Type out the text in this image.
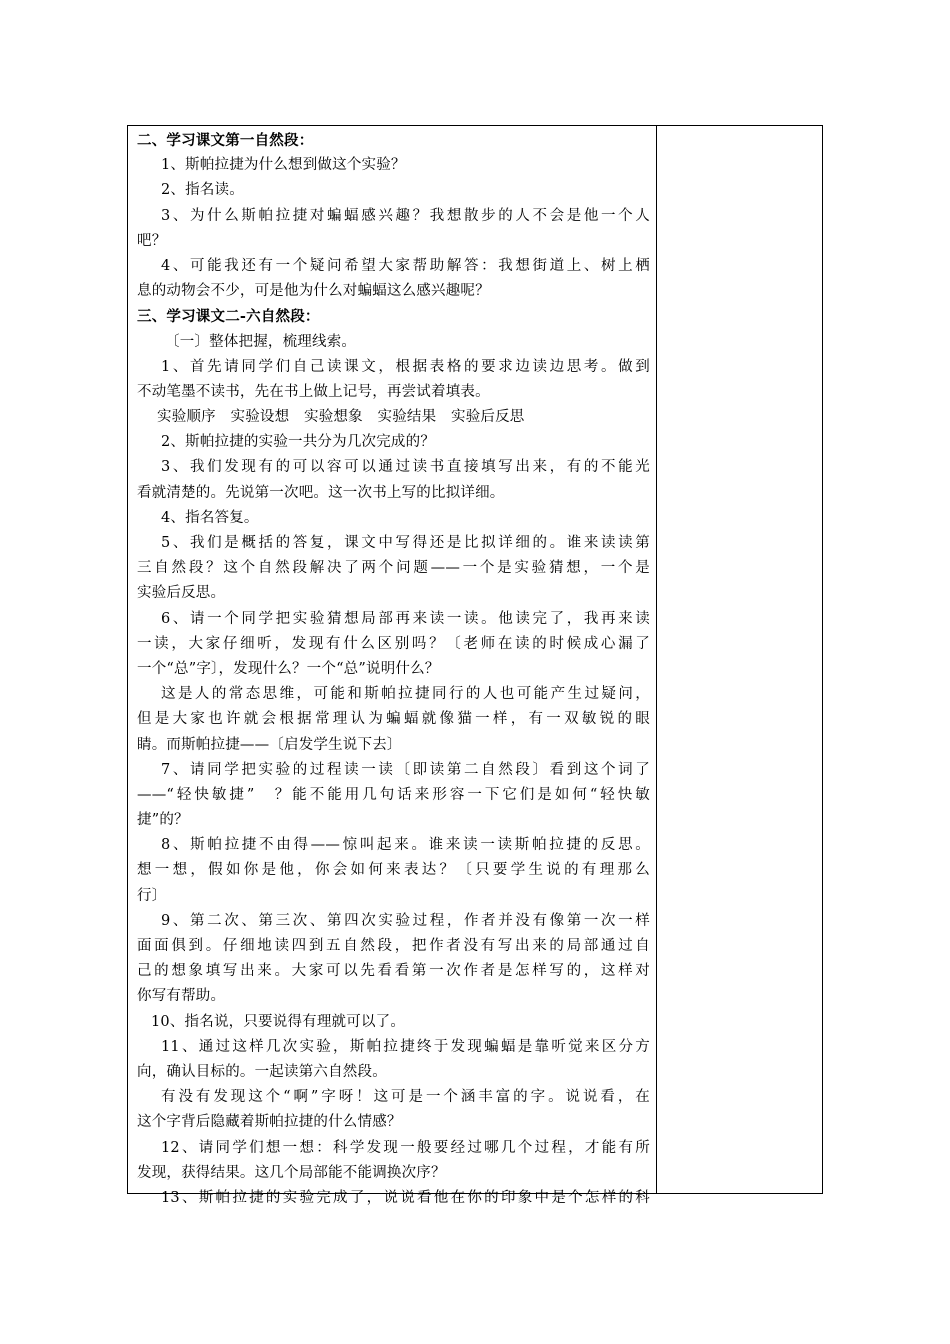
二、学习课文第一自然段：
1、斯帕拉捷为什么想到做这个实验？
2、指名读。
3、为什么斯帕拉捷对蝙蝠感兴趣？我想散步的人不会是他一个人
吧？
4、可能我还有一个疑问希望大家帮助解答：我想街道上、树上栖
息的动物会不少，可是他为什么对蝙蝠这么感兴趣呢？
三、学习课文二-六自然段：
〔一〕整体把握，梳理线索。
1、首先请同学们自己读课文，根据表格的要求边读边思考。做到
不动笔墨不读书，先在书上做上记号，再尝试着填表。
实验顺序　实验设想　实验想象　实验结果　实验后反思
2、斯帕拉捷的实验一共分为几次完成的？
3、我们发现有的可以容可以通过读书直接填写出来，有的不能光
看就清楚的。先说第一次吧。这一次书上写的比拟详细。
4、指名答复。
5、我们是概括的答复，课文中写得还是比拟详细的。谁来读读第
三自然段？这个自然段解决了两个问题——一个是实验猜想，一个是
实验后反思。
6、请一个同学把实验猜想局部再来读一读。他读完了，我再来读
一读，大家仔细听，发现有什么区别吗？〔老师在读的时候成心漏了
一个“总”字〕，发现什么？一个“总”说明什么？
这是人的常态思维，可能和斯帕拉捷同行的人也可能产生过疑问，
但是大家也许就会根据常理认为蝙蝠就像猫一样，有一双敏锐的眼
睛。而斯帕拉捷——〔启发学生说下去〕
7、请同学把实验的过程读一读〔即读第二自然段〕看到这个词了
——“轻快敏捷”　？能不能用几句话来形容一下它们是如何“轻快敏
捷”的？
8、斯帕拉捷不由得——惊叫起来。谁来读一读斯帕拉捷的反思。
想一想，假如你是他，你会如何来表达？〔只要学生说的有理那么
行〕
9、第二次、第三次、第四次实验过程，作者并没有像第一次一样
面面俱到。仔细地读四到五自然段，把作者没有写出来的局部通过自
己的想象填写出来。大家可以先看看第一次作者是怎样写的，这样对
你写有帮助。
10、指名说，只要说得有理就可以了。
11、通过这样几次实验，斯帕拉捷终于发现蝙蝠是靠听觉来区分方
向，确认目标的。一起读第六自然段。
有没有发现这个“啊”字呀！这可是一个涵丰富的字。说说看，在
这个字背后隐藏着斯帕拉捷的什么情感？
12、请同学们想一想：科学发现一般要经过哪几个过程，才能有所
发现，获得结果。这几个局部能不能调换次序？
13、斯帕拉捷的实验完成了，说说看他在你的印象中是个怎样的科
